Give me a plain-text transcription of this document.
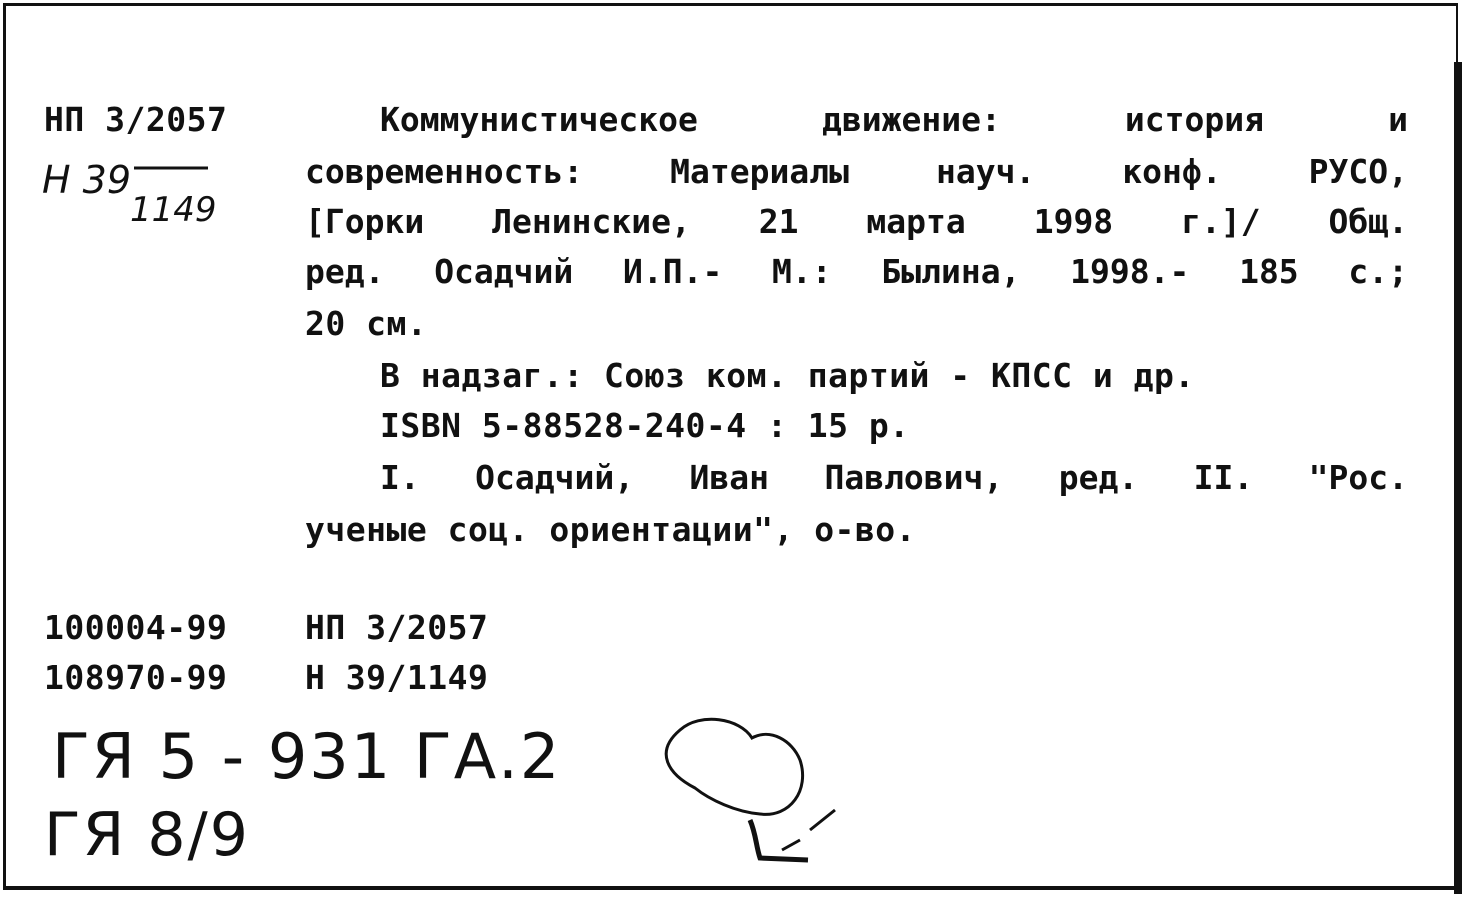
НП 3/2057
Н 39
1149
Коммунистическое движение: история и
современность: Материалы науч. конф. РУСО,
[Горки Ленинские, 21 марта 1998 г.]/ Общ.
ред. Осадчий И.П.- М.: Былина, 1998.- 185 с.;
20 см.
В надзаг.: Союз ком. партий - КПСС и др.
ISBN 5-88528-240-4 : 15 р.
I. Осадчий, Иван Павлович, ред. II. "Рос.
ученые соц. ориентации", о-во.
100004-99 НП 3/2057
108970-99 Н 39/1149
ГЯ 5 - 931 ГА.2
ГЯ 8/9
